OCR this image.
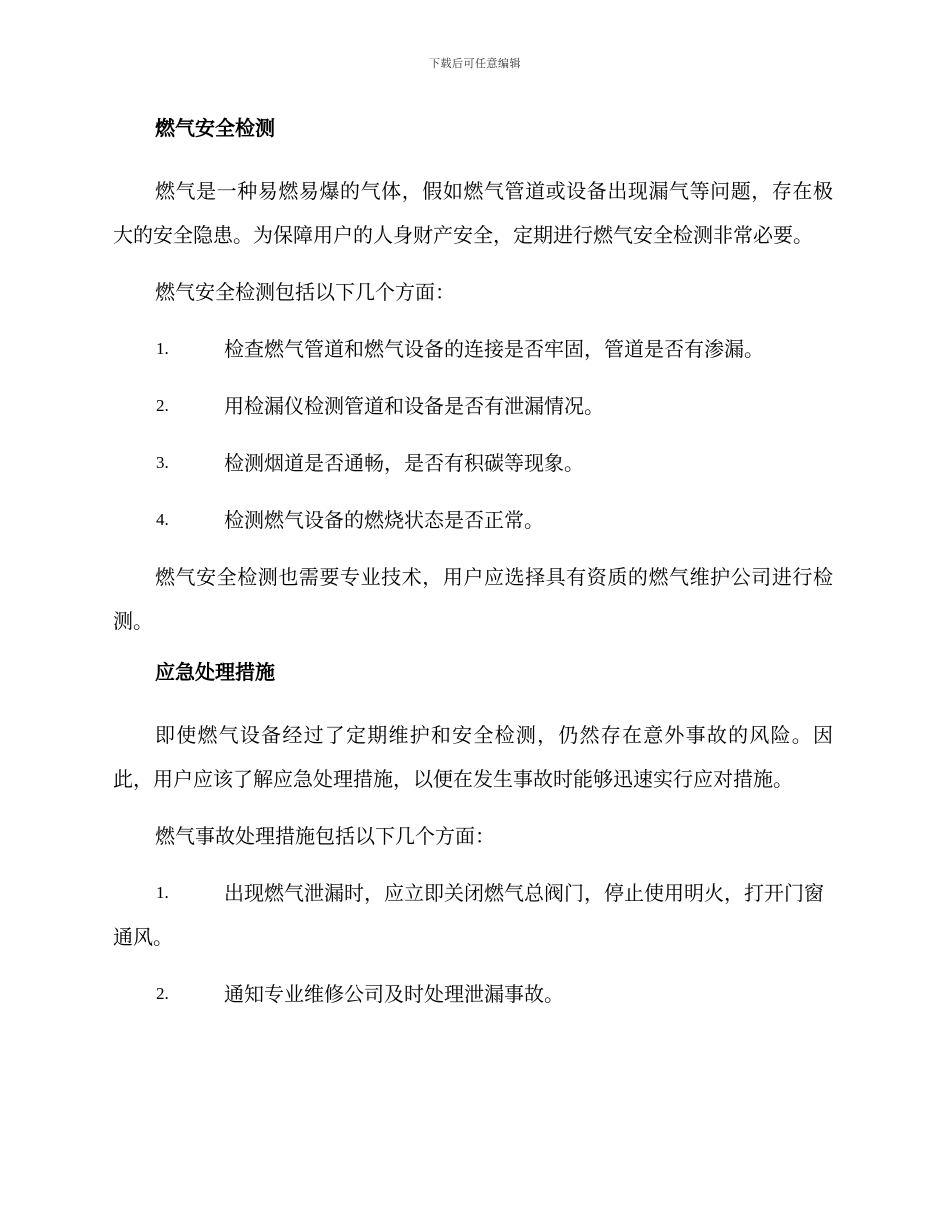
下载后可任意编辑
燃气安全检测

燃气是一种易燃易爆的气体，假如燃气管道或设备出现漏气等问题，存在极大的安全隐患。为保障用户的人身财产安全，定期进行燃气安全检测非常必要。

燃气安全检测包括以下几个方面：

1.	检查燃气管道和燃气设备的连接是否牢固，管道是否有渗漏。
2.	用检漏仪检测管道和设备是否有泄漏情况。
3.	检测烟道是否通畅，是否有积碳等现象。
4.	检测燃气设备的燃烧状态是否正常。

燃气安全检测也需要专业技术，用户应选择具有资质的燃气维护公司进行检测。

应急处理措施

即使燃气设备经过了定期维护和安全检测，仍然存在意外事故的风险。因此，用户应该了解应急处理措施，以便在发生事故时能够迅速实行应对措施。

燃气事故处理措施包括以下几个方面：

1.	出现燃气泄漏时，应立即关闭燃气总阀门，停止使用明火，打开门窗通风。
2.	通知专业维修公司及时处理泄漏事故。
